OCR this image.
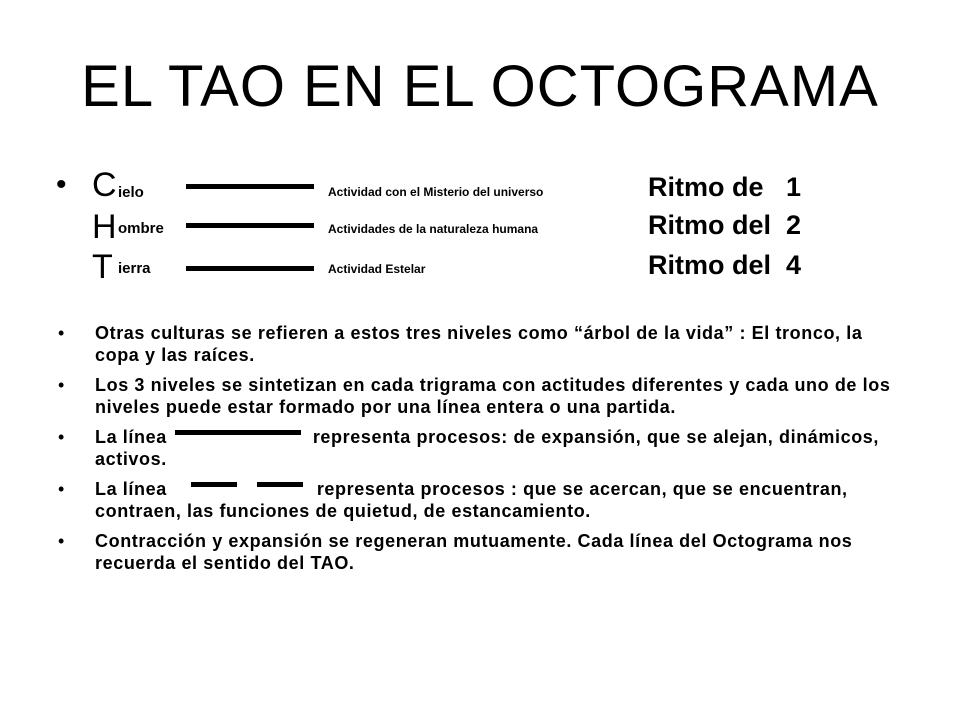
EL TAO EN EL OCTOGRAMA
• C ielo	Actividad con el Misterio del universo	Ritmo de   1
H ombre	Actividades de la naturaleza humana	Ritmo del  2
T ierra	Actividad Estelar	Ritmo del  4
• Otras culturas se refieren a estos tres niveles como “árbol de la vida” : El tronco, la copa y las raíces.
• Los 3 niveles se sintetizan en cada trigrama con actitudes diferentes y cada uno de los niveles puede estar formado por una línea entera o una partida.
• La línea	representa procesos: de expansión, que se alejan, dinámicos, activos.
• La línea	representa procesos : que se acercan, que se encuentran, contraen, las funciones de quietud, de estancamiento.
• Contracción y expansión se regeneran mutuamente. Cada línea del Octograma nos recuerda el sentido del TAO.
